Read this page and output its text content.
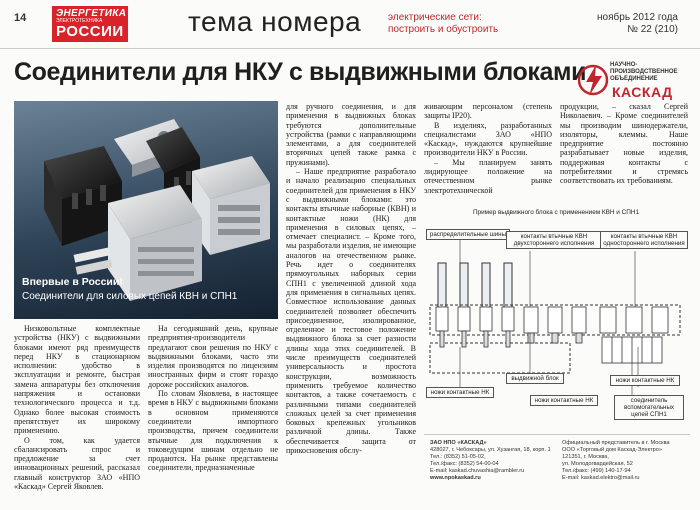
14	ЭНЕРГЕТИКА
ЭЛЕКТРОТЕХНИКА
РОССИИ тема номера	электрические сети:
построить и обустроить
ноябрь 2012 года
№ 22 (210)
Соединители для НКУ с выдвижными блоками	НАУЧНО-ПРОИЗВОДСТВЕННОЕ ОБЪЕДИНЕНИЕ
КАСКАД
Впервые в России!
Соединители для силовых цепей КВН и СПН1

Низковольтные комплектные устройства (НКУ) с выдвижными блоками имеют ряд преимуществ перед НКУ в стационарном исполнении: удобство в эксплуатации и ремонте, быстрая замена аппаратуры без отключения напряжения и остановки технологического процесса и т.д. Однако более высокая стоимость препятствует их широкому применению.

О том, как удается сбалансировать спрос и предложение за счет инновационных решений, рассказал главный конструктор ЗАО «НПО «Каскад» Сергей Яковлев.

На сегодняшний день, крупные предприятия-производители предлагают свои решения по НКУ с выдвижными блоками, часто эти изделия производятся по лицензиям иностранных фирм и стоят гораздо дороже российских аналогов.

По словам Яковлева, в настоящее время в НКУ с выдвижными блоками в основном применяются соединители импортного производства, причем соединители втычные для подключения к токоведущим шинам отдельно не продаются. На рынке представлены соединители, предназначенные

для ручного соединения, и для применения в выдвижных блоках требуются дополнительные устройства (рамки с направляющими элементами, а для соединителей вторичных цепей также рамка с пружинами).

– Наше предприятие разработало и начало реализацию специальных соединителей для применения в НКУ с выдвижными блоками: это контакты втычные наборные (КВН) и контактные ножи (НК) для применения в силовых цепях, – отмечает специалист. – Кроме того, мы разработали изделия, не имеющие аналогов на отечественном рынке. Речь идет о соединителях прямоугольных наборных серии СПН1 с увеличенной длиной хода для применения в сигнальных цепях. Совместное использование данных соединителей позволяет обеспечить присоединенное, изолированное, отделенное и тестовое положение выдвижного блока за счет разности длины хода этих соединителей. В числе преимуществ соединителей универсальность и простота конструкции, возможность применить требуемое количество контактов, а также сочетаемость с различными типами соединителей сложных целей за счет применения боковых крепежных угольников различной длины. Также обеспечивается защита от прикосновения обслу-

живающим персоналом (степень защиты IP20).

В изделиях, разработанных специалистами ЗАО «НПО «Каскад», нуждаются крупнейшие производители НКУ в России.

– Мы планируем занять лидирующее положение на отечественном рынке электротехнической

продукции, – сказал Сергей Николаевич. – Кроме соединителей мы производим шинодержатели, изоляторы, клеммы. Наше предприятие постоянно разрабатывает новые изделия, поддерживая контакты с потребителями и стремясь соответствовать их требованиям.

Пример выдвижного блока с применением КВН и СПН1
распределительные шины	контакты втычные КВН двухстороннего исполнения
контакты втычные КВН одностороннего исполнения
выдвижной блок
ножи контактные НК
ножи контактные НК
ножи контактные НК	соединитель
вспомогательных
цепей СПН1
ЗАО НПО «КАСКАД»
428027, г. Чебоксары, ул. Хузангая, 18, корп. 1
Тел.: (8352) 51-05-02,
Тел./факс: (8352) 54-00-04
E-mail: kaskad.chuvashia@rambler.ru
www.npokaskad.ru
Официальный представитель в г. Москва
ООО «Торговый дом Каскад-Электро»
121351, г. Москва,
ул. Молодогвардейская, 52
Тел./факс: (499) 140-17-94
E-mail: kaskad.elektro@mail.ru
